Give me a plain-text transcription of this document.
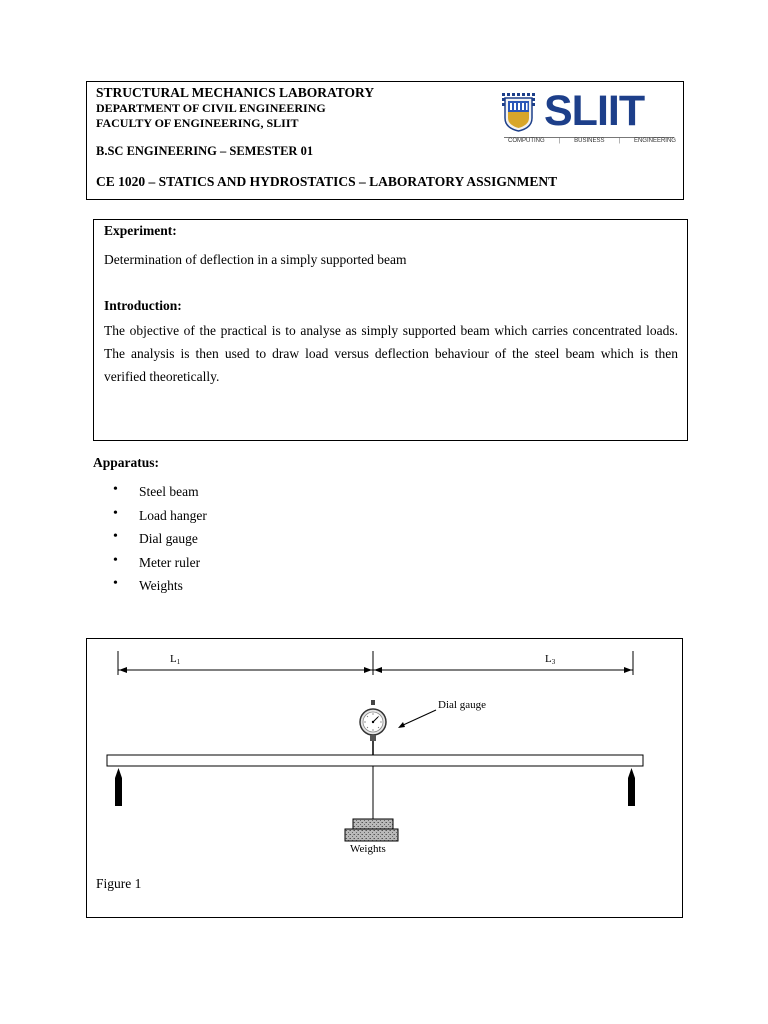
STRUCTURAL MECHANICS LABORATORY
DEPARTMENT OF CIVIL ENGINEERING
FACULTY OF ENGINEERING, SLIIT
B.SC ENGINEERING – SEMESTER 01
CE 1020 – STATICS AND HYDROSTATICS – LABORATORY ASSIGNMENT
SLIIT
COMPUTING | BUSINESS | ENGINEERING
Experiment:
Determination of deflection in a simply supported beam
Introduction:
The objective of the practical is to analyse as simply supported beam which carries concentrated loads.
The analysis is then used to draw load versus deflection behaviour of the steel beam which is then
verified theoretically.
Apparatus:
• Steel beam
• Load hanger
• Dial gauge
• Meter ruler
• Weights
L1	L3
Dial gauge
Weights
Figure 1
